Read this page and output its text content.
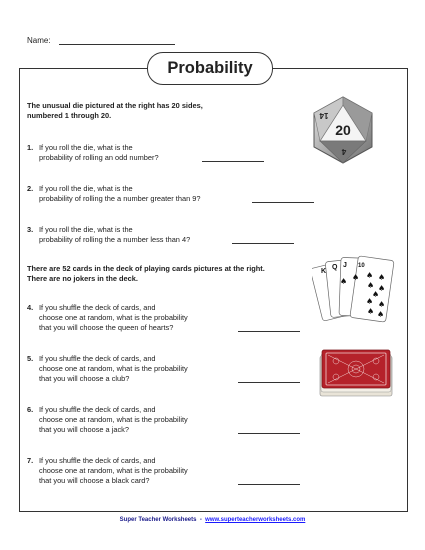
Name:
Probability
The unusual die pictured at the right has 20 sides,
numbered 1 through 20.
20
14
4
1. If you roll the die, what is the
probability of rolling an odd number?
2. If you roll the die, what is the
probability of rolling the a number greater than 9?
3. If you roll the die, what is the
probability of rolling the a number less than 4?
There are 52 cards in the deck of playing cards pictures at the right.
There are no jokers in the deck.
K
Q J 10
♠ ♠
♠ ♠
♠
♠ ♠
♠ ♠
♠ ♠
4. If you shuffle the deck of cards, and
choose one at random, what is the probability
that you will choose the queen of hearts?
5. If you shuffle the deck of cards, and
choose one at random, what is the probability
that you will choose a club?
6. If you shuffle the deck of cards, and
choose one at random, what is the probability
that you will choose a jack?
7. If you shuffle the deck of cards, and
choose one at random, what is the probability
that you will choose a black card?
Super Teacher Worksheets - www.superteacherworksheets.com
